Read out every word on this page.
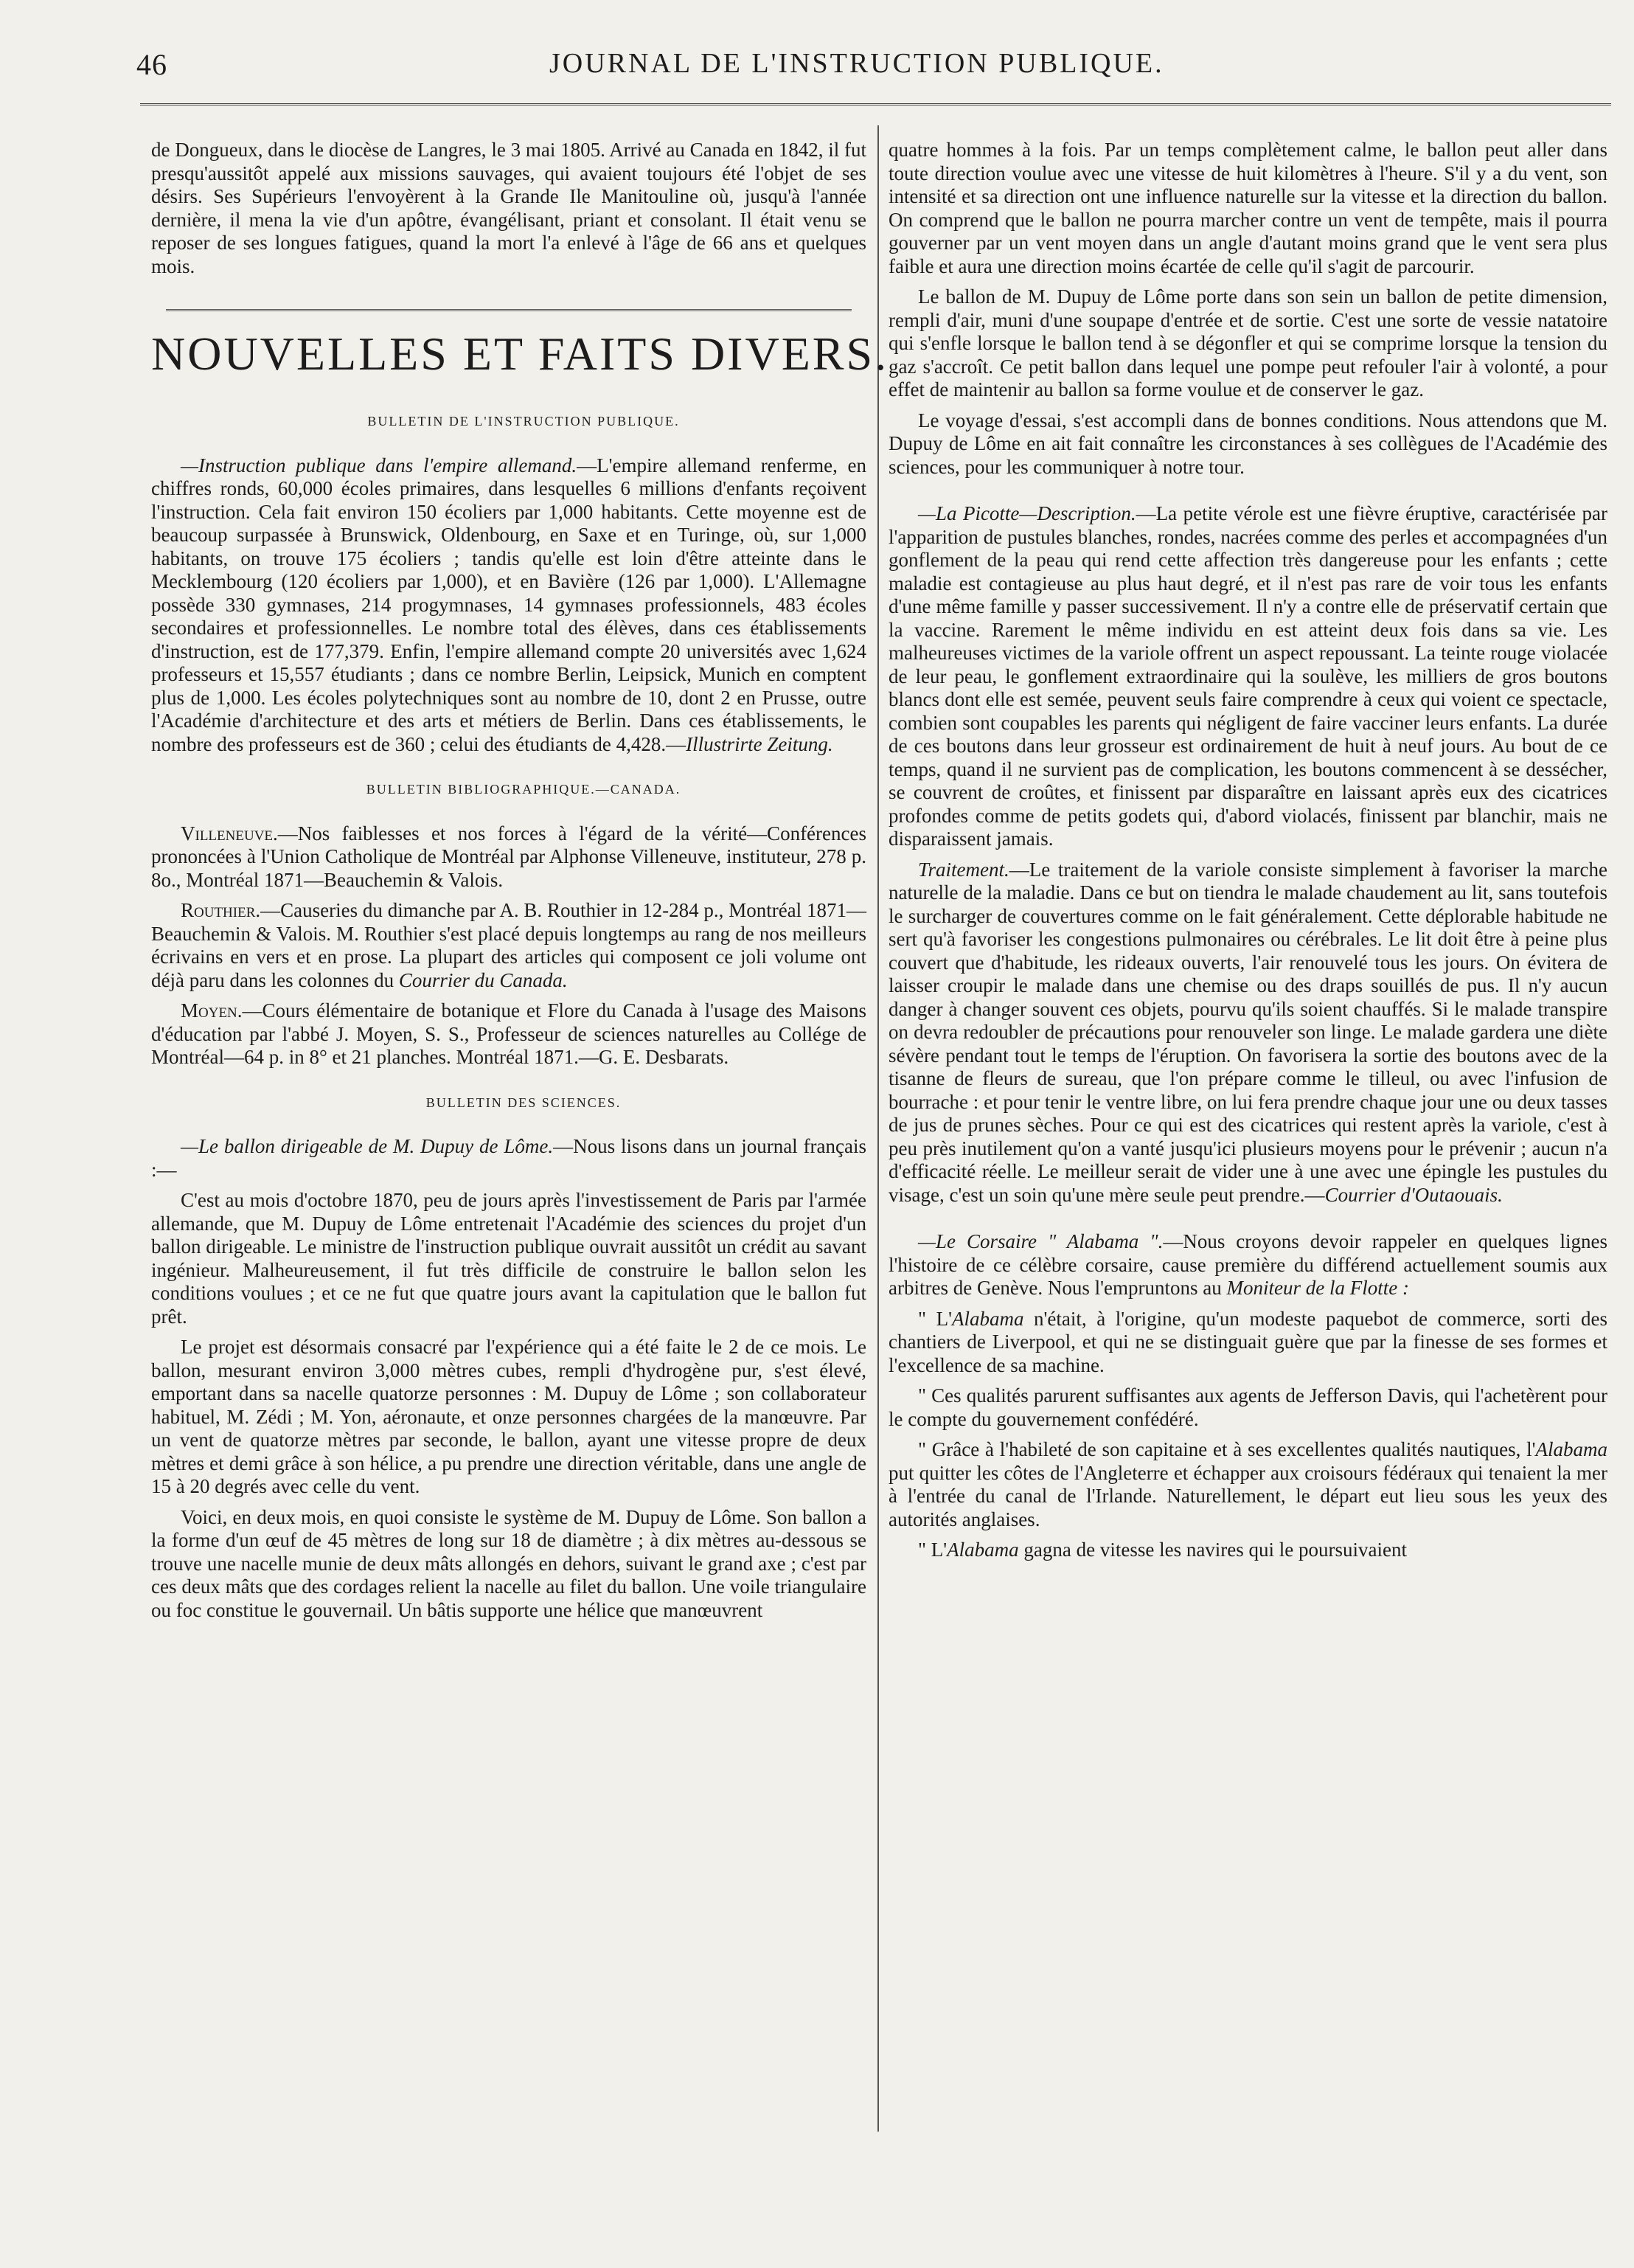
46	JOURNAL DE L'INSTRUCTION PUBLIQUE.

de Dongueux, dans le diocèse de Langres, le 3 mai 1805. Arrivé au Canada en 1842, il fut presqu'aussitôt appelé aux missions sauvages, qui avaient toujours été l'objet de ses désirs. Ses Supérieurs l'envoyèrent à la Grande Ile Manitouline où, jusqu'à l'année dernière, il mena la vie d'un apôtre, évangélisant, priant et consolant. Il était venu se reposer de ses longues fatigues, quand la mort l'a enlevé à l'âge de 66 ans et quelques mois.

NOUVELLES ET FAITS DIVERS.

BULLETIN DE L'INSTRUCTION PUBLIQUE.

—Instruction publique dans l'empire allemand.—L'empire allemand renferme, en chiffres ronds, 60,000 écoles primaires, dans lesquelles 6 millions d'enfants reçoivent l'instruction. Cela fait environ 150 écoliers par 1,000 habitants. Cette moyenne est de beaucoup surpassée à Brunswick, Oldenbourg, en Saxe et en Turinge, où, sur 1,000 habitants, on trouve 175 écoliers ; tandis qu'elle est loin d'être atteinte dans le Mecklembourg (120 écoliers par 1,000), et en Bavière (126 par 1,000). L'Allemagne possède 330 gymnases, 214 progymnases, 14 gymnases professionnels, 483 écoles secondaires et professionnelles. Le nombre total des élèves, dans ces établissements d'instruction, est de 177,379. Enfin, l'empire allemand compte 20 universités avec 1,624 professeurs et 15,557 étudiants ; dans ce nombre Berlin, Leipsick, Munich en comptent plus de 1,000. Les écoles polytechniques sont au nombre de 10, dont 2 en Prusse, outre l'Académie d'architecture et des arts et métiers de Berlin. Dans ces établissements, le nombre des professeurs est de 360 ; celui des étudiants de 4,428.—Illustrirte Zeitung.

BULLETIN BIBLIOGRAPHIQUE.—CANADA.

Villeneuve.—Nos faiblesses et nos forces à l'égard de la vérité—Conférences prononcées à l'Union Catholique de Montréal par Alphonse Villeneuve, instituteur, 278 p. 8o., Montréal 1871—Beauchemin & Valois.

Routhier.—Causeries du dimanche par A. B. Routhier in 12-284 p., Montréal 1871—Beauchemin & Valois. M. Routhier s'est placé depuis longtemps au rang de nos meilleurs écrivains en vers et en prose. La plupart des articles qui composent ce joli volume ont déjà paru dans les colonnes du Courrier du Canada.

Moyen.—Cours élémentaire de botanique et Flore du Canada à l'usage des Maisons d'éducation par l'abbé J. Moyen, S. S., Professeur de sciences naturelles au Collége de Montréal—64 p. in 8° et 21 planches. Montréal 1871.—G. E. Desbarats.

BULLETIN DES SCIENCES.

—Le ballon dirigeable de M. Dupuy de Lôme.—Nous lisons dans un journal français :—

C'est au mois d'octobre 1870, peu de jours après l'investissement de Paris par l'armée allemande, que M. Dupuy de Lôme entretenait l'Académie des sciences du projet d'un ballon dirigeable. Le ministre de l'instruction publique ouvrait aussitôt un crédit au savant ingénieur. Malheureusement, il fut très difficile de construire le ballon selon les conditions voulues ; et ce ne fut que quatre jours avant la capitulation que le ballon fut prêt.

Le projet est désormais consacré par l'expérience qui a été faite le 2 de ce mois. Le ballon, mesurant environ 3,000 mètres cubes, rempli d'hydrogène pur, s'est élevé, emportant dans sa nacelle quatorze personnes : M. Dupuy de Lôme ; son collaborateur habituel, M. Zédi ; M. Yon, aéronaute, et onze personnes chargées de la manœuvre. Par un vent de quatorze mètres par seconde, le ballon, ayant une vitesse propre de deux mètres et demi grâce à son hélice, a pu prendre une direction véritable, dans une angle de 15 à 20 degrés avec celle du vent.

Voici, en deux mois, en quoi consiste le système de M. Dupuy de Lôme. Son ballon a la forme d'un œuf de 45 mètres de long sur 18 de diamètre ; à dix mètres au-dessous se trouve une nacelle munie de deux mâts allongés en dehors, suivant le grand axe ; c'est par ces deux mâts que des cordages relient la nacelle au filet du ballon. Une voile triangulaire ou foc constitue le gouvernail. Un bâtis supporte une hélice que manœuvrent

quatre hommes à la fois. Par un temps complètement calme, le ballon peut aller dans toute direction voulue avec une vitesse de huit kilomètres à l'heure. S'il y a du vent, son intensité et sa direction ont une influence naturelle sur la vitesse et la direction du ballon. On comprend que le ballon ne pourra marcher contre un vent de tempête, mais il pourra gouverner par un vent moyen dans un angle d'autant moins grand que le vent sera plus faible et aura une direction moins écartée de celle qu'il s'agit de parcourir.

Le ballon de M. Dupuy de Lôme porte dans son sein un ballon de petite dimension, rempli d'air, muni d'une soupape d'entrée et de sortie. C'est une sorte de vessie natatoire qui s'enfle lorsque le ballon tend à se dégonfler et qui se comprime lorsque la tension du gaz s'accroît. Ce petit ballon dans lequel une pompe peut refouler l'air à volonté, a pour effet de maintenir au ballon sa forme voulue et de conserver le gaz.

Le voyage d'essai, s'est accompli dans de bonnes conditions. Nous attendons que M. Dupuy de Lôme en ait fait connaître les circonstances à ses collègues de l'Académie des sciences, pour les communiquer à notre tour.

—La Picotte—Description.—La petite vérole est une fièvre éruptive, caractérisée par l'apparition de pustules blanches, rondes, nacrées comme des perles et accompagnées d'un gonflement de la peau qui rend cette affection très dangereuse pour les enfants ; cette maladie est contagieuse au plus haut degré, et il n'est pas rare de voir tous les enfants d'une même famille y passer successivement. Il n'y a contre elle de préservatif certain que la vaccine. Rarement le même individu en est atteint deux fois dans sa vie. Les malheureuses victimes de la variole offrent un aspect repoussant. La teinte rouge violacée de leur peau, le gonflement extraordinaire qui la soulève, les milliers de gros boutons blancs dont elle est semée, peuvent seuls faire comprendre à ceux qui voient ce spectacle, combien sont coupables les parents qui négligent de faire vacciner leurs enfants. La durée de ces boutons dans leur grosseur est ordinairement de huit à neuf jours. Au bout de ce temps, quand il ne survient pas de complication, les boutons commencent à se dessécher, se couvrent de croûtes, et finissent par disparaître en laissant après eux des cicatrices profondes comme de petits godets qui, d'abord violacés, finissent par blanchir, mais ne disparaissent jamais.

Traitement.—Le traitement de la variole consiste simplement à favoriser la marche naturelle de la maladie. Dans ce but on tiendra le malade chaudement au lit, sans toutefois le surcharger de couvertures comme on le fait généralement. Cette déplorable habitude ne sert qu'à favoriser les congestions pulmonaires ou cérébrales. Le lit doit être à peine plus couvert que d'habitude, les rideaux ouverts, l'air renouvelé tous les jours. On évitera de laisser croupir le malade dans une chemise ou des draps souillés de pus. Il n'y aucun danger à changer souvent ces objets, pourvu qu'ils soient chauffés. Si le malade transpire on devra redoubler de précautions pour renouveler son linge. Le malade gardera une diète sévère pendant tout le temps de l'éruption. On favorisera la sortie des boutons avec de la tisanne de fleurs de sureau, que l'on prépare comme le tilleul, ou avec l'infusion de bourrache : et pour tenir le ventre libre, on lui fera prendre chaque jour une ou deux tasses de jus de prunes sèches. Pour ce qui est des cicatrices qui restent après la variole, c'est à peu près inutilement qu'on a vanté jusqu'ici plusieurs moyens pour le prévenir ; aucun n'a d'efficacité réelle. Le meilleur serait de vider une à une avec une épingle les pustules du visage, c'est un soin qu'une mère seule peut prendre.—Courrier d'Outaouais.

—Le Corsaire " Alabama ".—Nous croyons devoir rappeler en quelques lignes l'histoire de ce célèbre corsaire, cause première du différend actuellement soumis aux arbitres de Genève. Nous l'empruntons au Moniteur de la Flotte :

" L'Alabama n'était, à l'origine, qu'un modeste paquebot de commerce, sorti des chantiers de Liverpool, et qui ne se distinguait guère que par la finesse de ses formes et l'excellence de sa machine.

" Ces qualités parurent suffisantes aux agents de Jefferson Davis, qui l'achetèrent pour le compte du gouvernement confédéré.

" Grâce à l'habileté de son capitaine et à ses excellentes qualités nautiques, l'Alabama put quitter les côtes de l'Angleterre et échapper aux croisours fédéraux qui tenaient la mer à l'entrée du canal de l'Irlande. Naturellement, le départ eut lieu sous les yeux des autorités anglaises.

" L'Alabama gagna de vitesse les navires qui le poursuivaient
